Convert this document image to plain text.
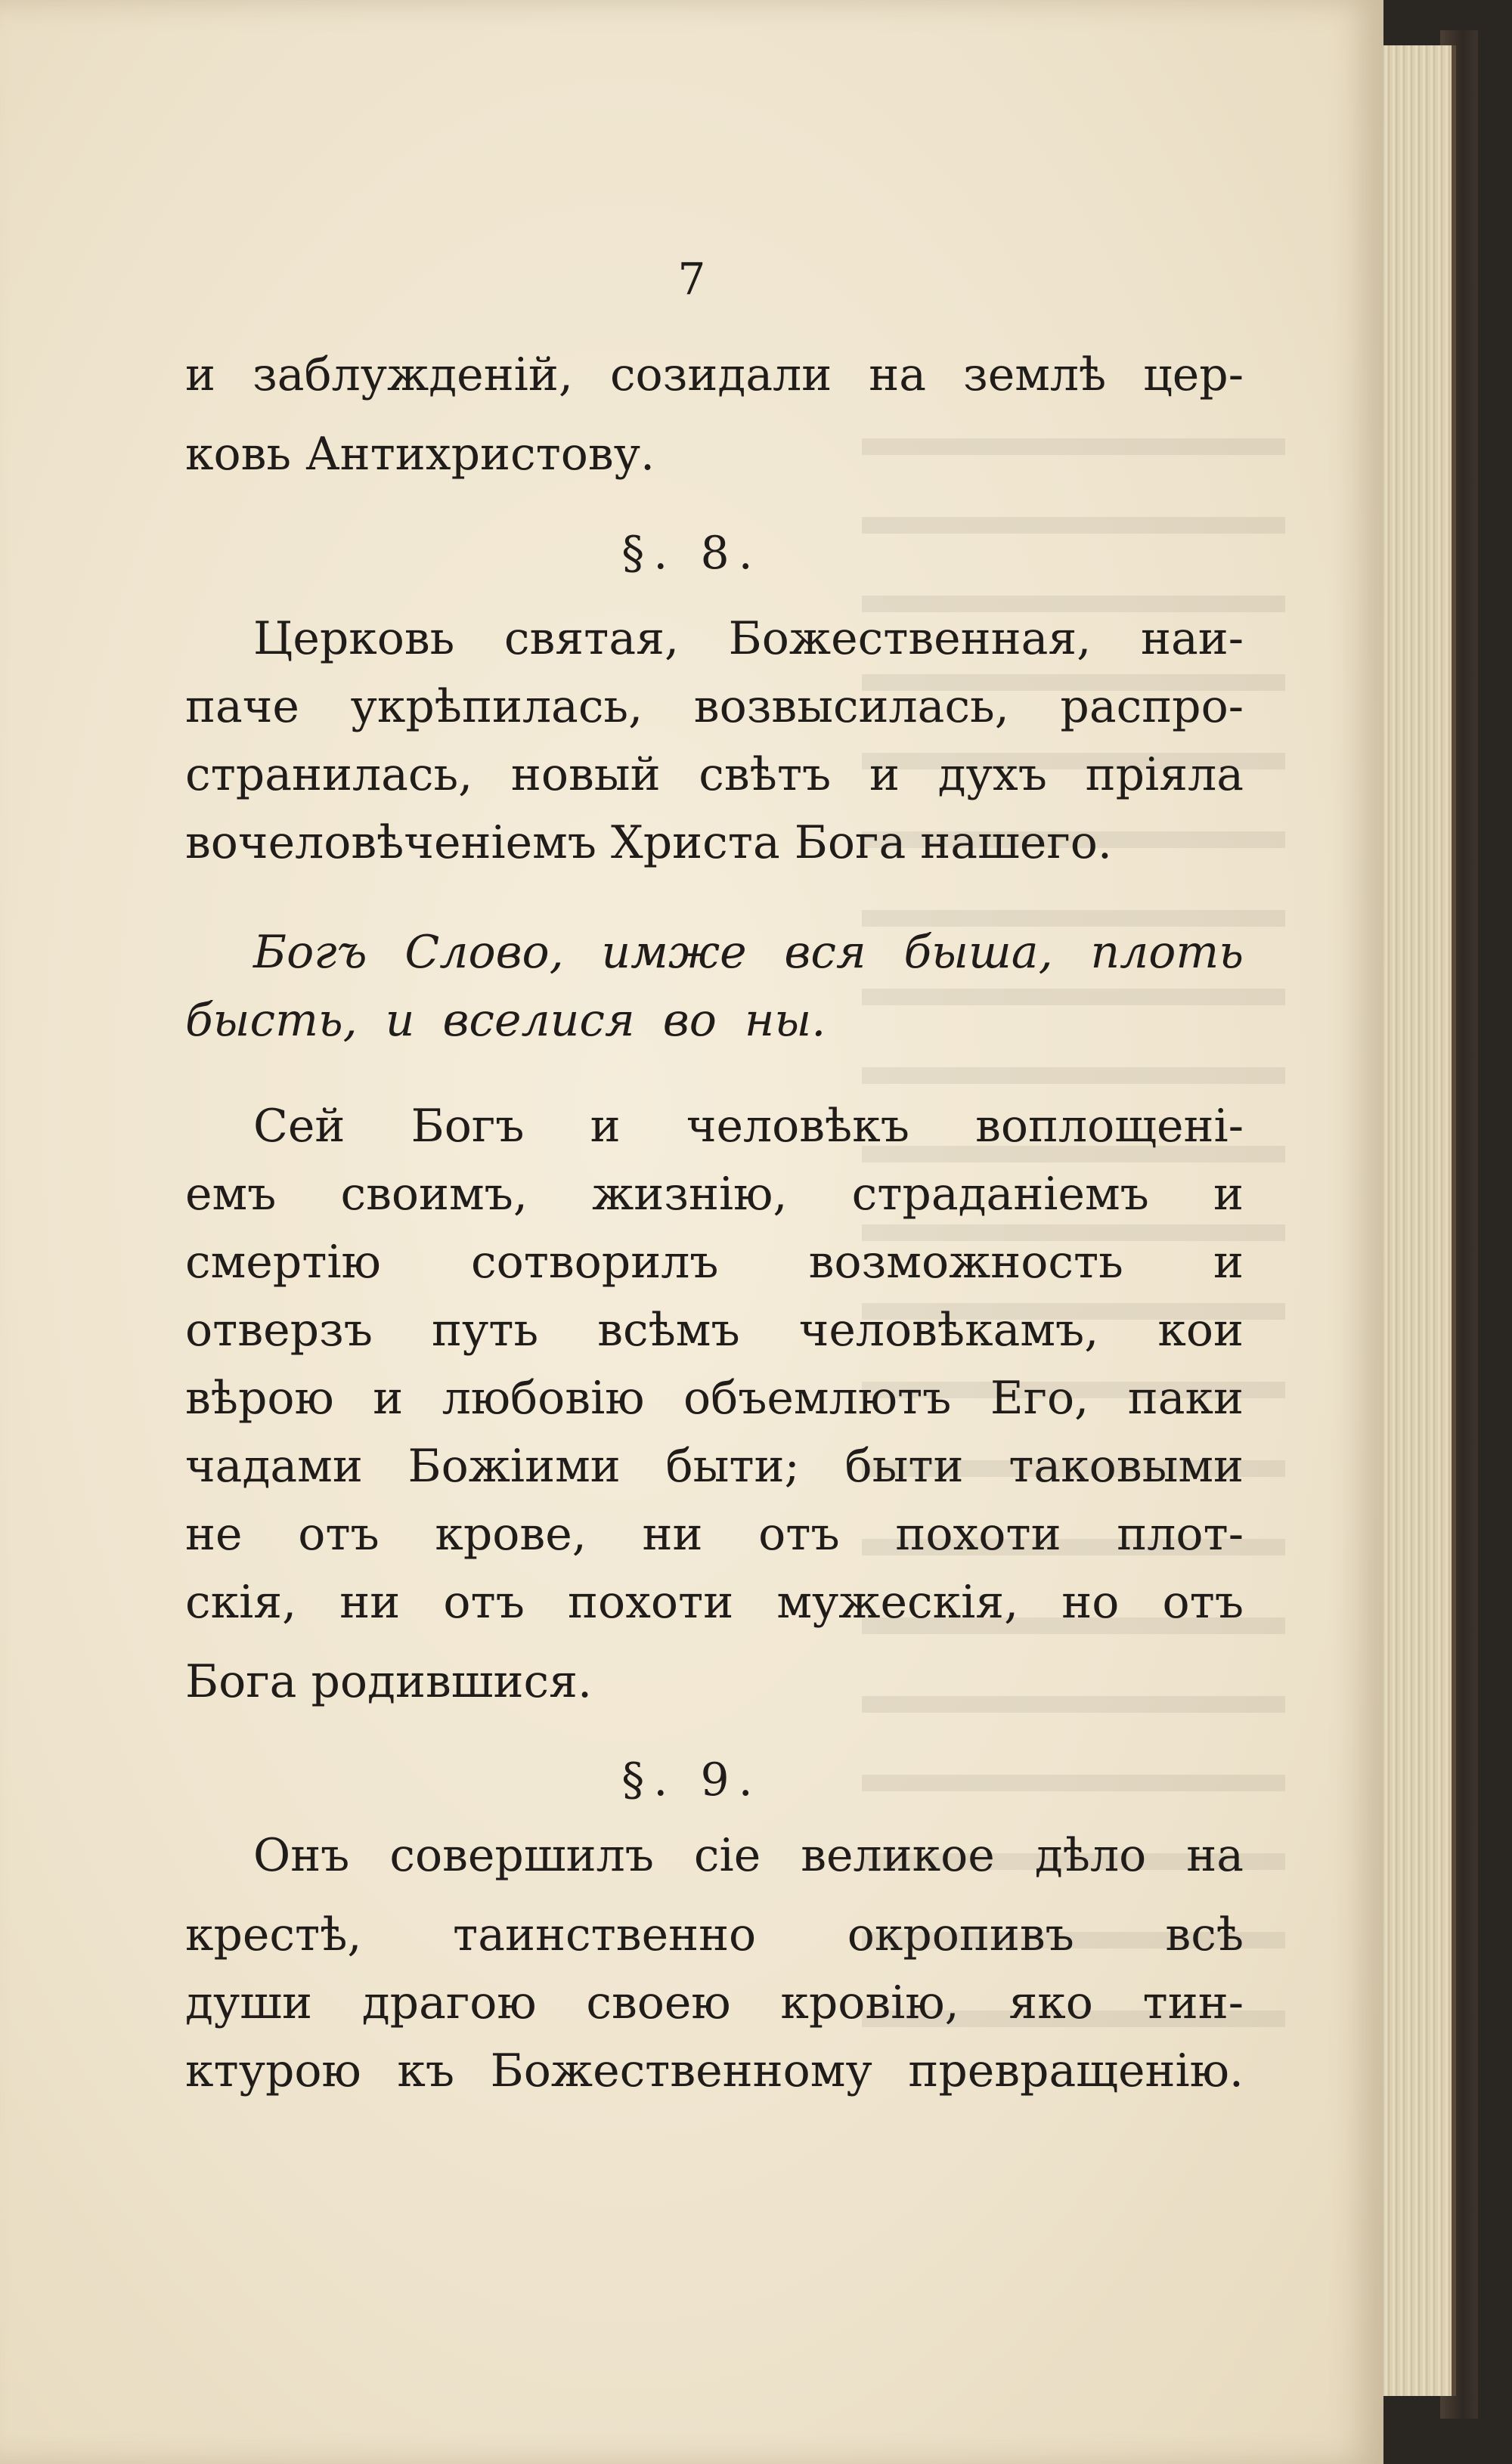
7
и заблужденій, созидали на землѣ цер-
ковь Антихристову.
§. 8.
Церковь святая, Божественная, наи-
паче укрѣпилась, возвысилась, распро-
странилась, новый свѣтъ и духъ пріяла
вочеловѣченіемъ Христа Бога нашего.
Богъ Слово, имже вся быша, плоть
бысть, и вселися во ны.
Сей Богъ и человѣкъ воплощені-
емъ своимъ, жизнію, страданіемъ и
смертію сотворилъ возможность и
отверзъ путь всѣмъ человѣкамъ, кои
вѣрою и любовію объемлютъ Его, паки
чадами Божіими быти; быти таковыми
не отъ крове, ни отъ похоти плот-
скія, ни отъ похоти мужескія, но отъ
Бога родившися.
§. 9.
Онъ совершилъ сіе великое дѣло на
крестѣ, таинственно окропивъ всѣ
души драгою своею кровію, яко тин-
ктурою къ Божественному превращенію.
